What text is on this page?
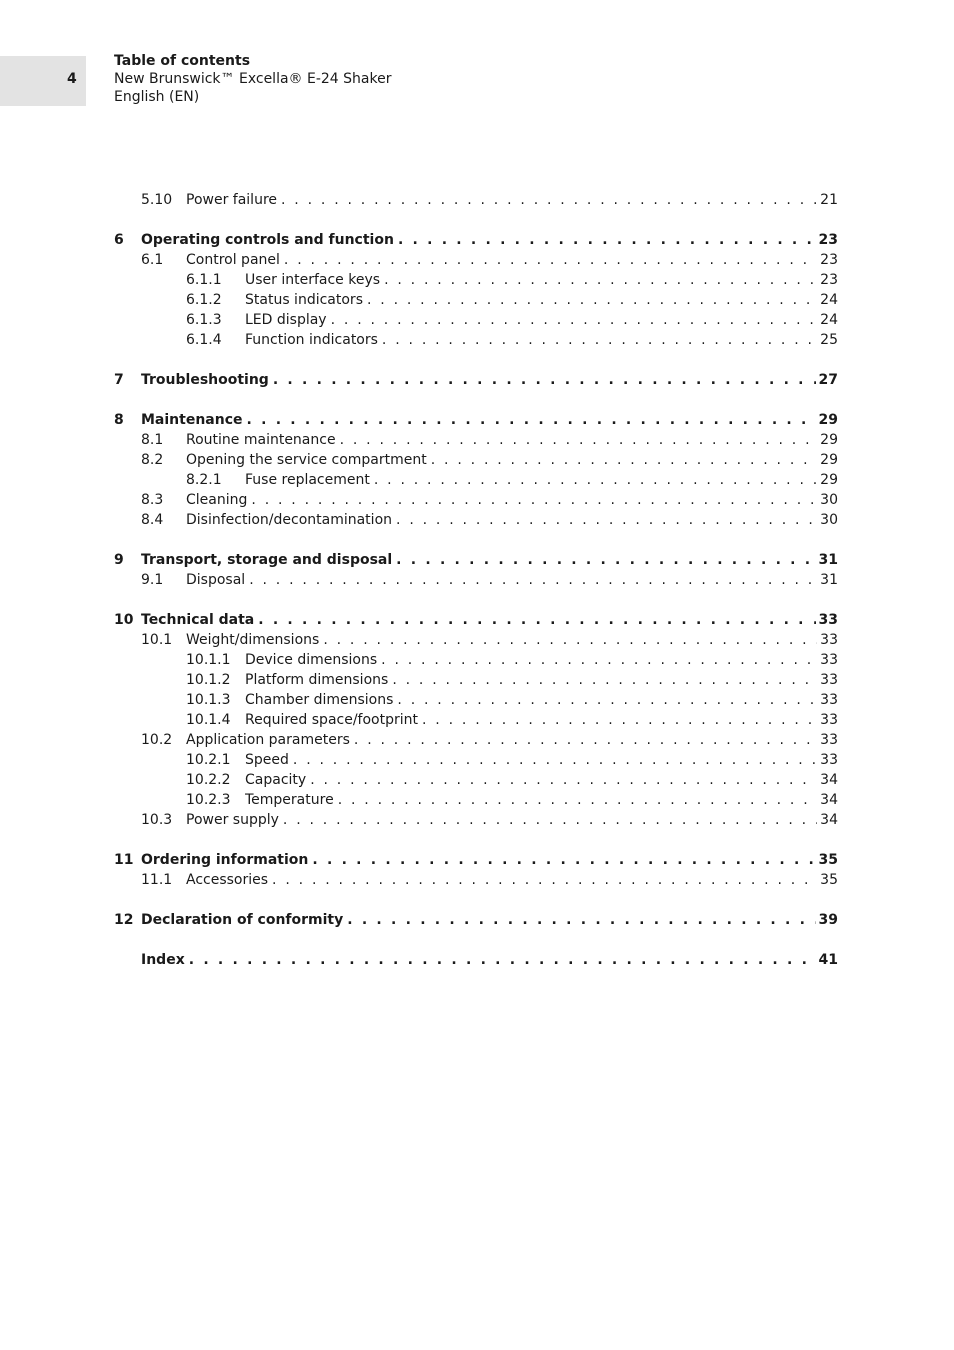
4
Table of contents
New Brunswick™ Excella® E-24 Shaker
English (EN)
5.10 Power failure . . .	21
6 Operating controls and function . . .	23
6.1 Control panel . . .	23
6.1.1 User interface keys . . .	23
6.1.2 Status indicators . . .	24
6.1.3 LED display . . .	24
6.1.4 Function indicators . . .	25
7 Troubleshooting . . .	27
8 Maintenance . . .	29
8.1 Routine maintenance . . .	29
8.2 Opening the service compartment . . .	29
8.2.1 Fuse replacement . . .	29
8.3 Cleaning . . .	30
8.4 Disinfection/decontamination . . .	30
9 Transport, storage and disposal . . .	31
9.1 Disposal . . .	31
10 Technical data . . .	33
10.1 Weight/dimensions . . .	33
10.1.1 Device dimensions . . .	33
10.1.2 Platform dimensions . . .	33
10.1.3 Chamber dimensions . . .	33
10.1.4 Required space/footprint . . .	33
10.2 Application parameters . . .	33
10.2.1 Speed . . .	33
10.2.2 Capacity . . .	34
10.2.3 Temperature . . .	34
10.3 Power supply . . .	34
11 Ordering information . . .	35
11.1 Accessories . . .	35
12 Declaration of conformity . . .	39
Index . . .	41
